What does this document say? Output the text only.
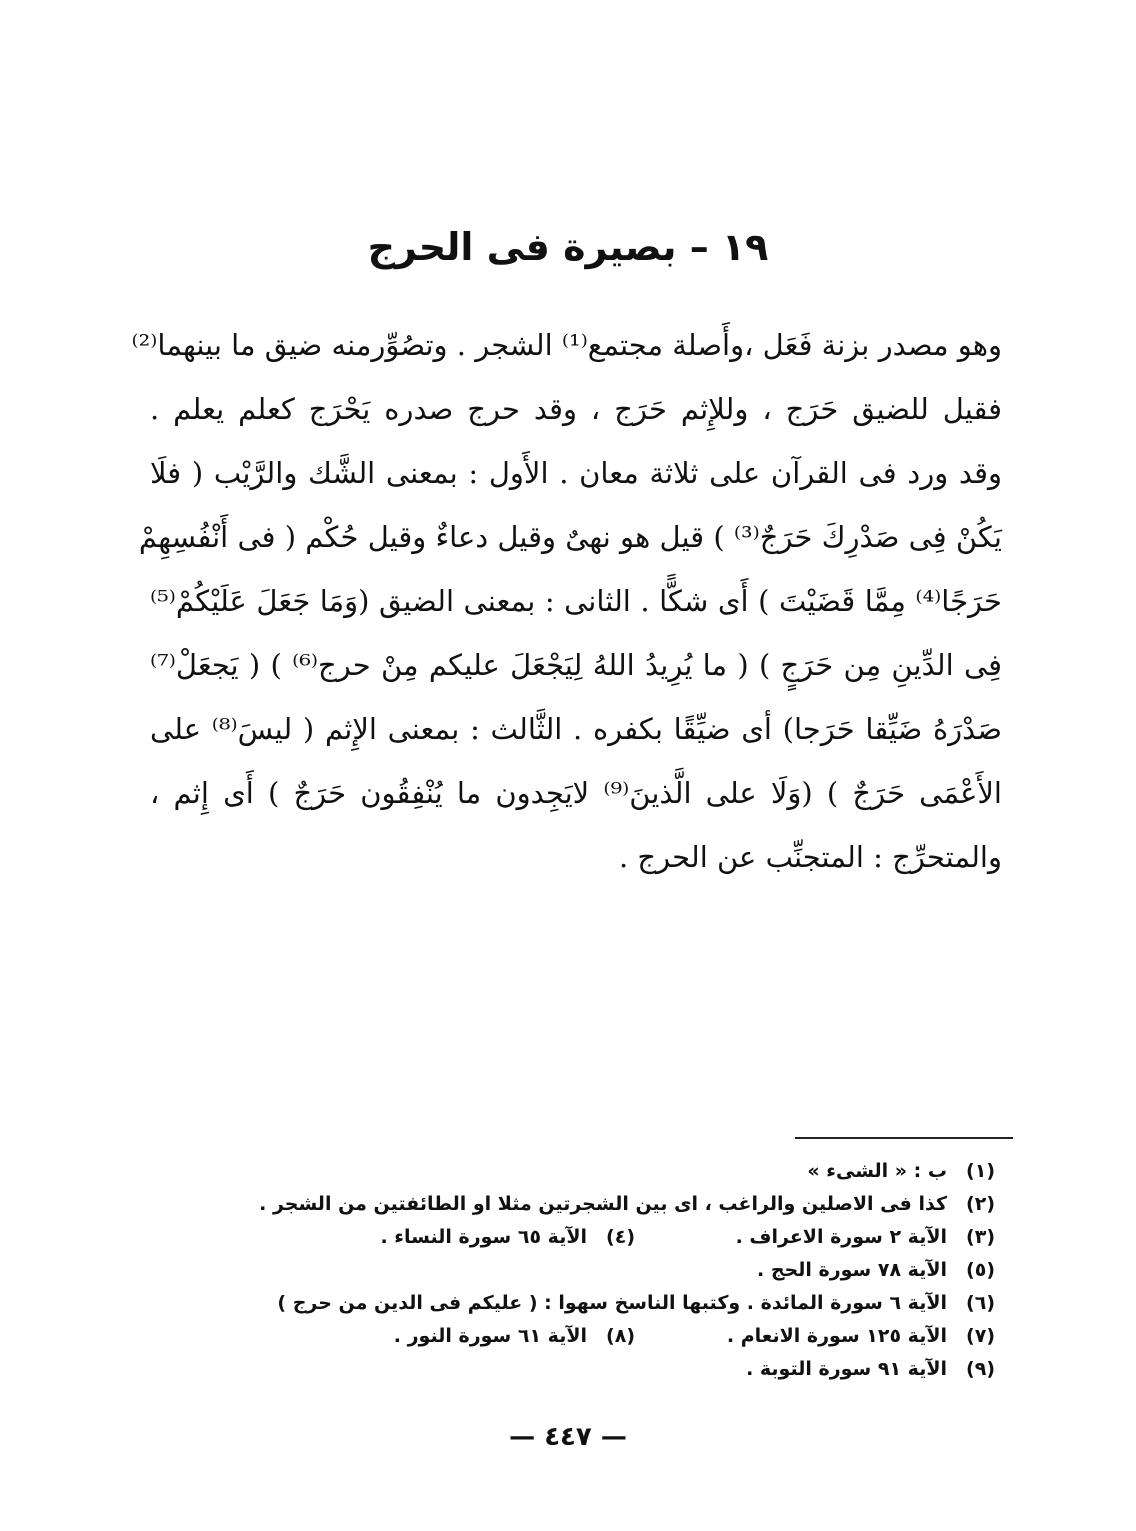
١٩ – بصيرة فى الحرج
وهو مصدر بزنة فَعَل ،وأَصلة مجتمع⁽¹⁾ الشجر . وتصُوِّرمنه ضيق ما بينهما⁽²⁾
فقيل للضيق حَرَج ، وللإِثم حَرَج ، وقد حرج صدره يَحْرَج كعلم يعلم .
وقد ورد فى القرآن على ثلاثة معان . الأَول : بمعنى الشَّك والرَّيْب ( فلَا
يَكُنْ فِى صَدْرِكَ حَرَجٌ⁽³⁾ ) قيل هو نهىٌ وقيل دعاءٌ وقيل حُكْم ( فى أَنْفُسِهِمْ
حَرَجًا⁽⁴⁾ مِمَّا قَضَيْتَ ) أَى شكًّا . الثانى : بمعنى الضيق (وَمَا جَعَلَ عَلَيْكُمْ⁽⁵⁾
فِى الدِّينِ مِن حَرَجٍ ) ( ما يُرِيدُ اللهُ لِيَجْعَلَ عليكم مِنْ حرج⁽⁶⁾ ) ( يَجعَلْ⁽⁷⁾
صَدْرَهُ ضَيِّقا حَرَجا) أى ضيِّقًا بكفره . الثَّالث : بمعنى الإِثم ( ليسَ⁽⁸⁾ على
الأَعْمَى حَرَجٌ ) (وَلَا على الَّذينَ⁽⁹⁾ لايَجِدون ما يُنْفِقُون حَرَجٌ ) أَى إِثم ،
والمتحرِّج : المتجنِّب عن الحرج .
(١)
ب : « الشىء »
(٢)
كذا فى الاصلين والراغب ، اى بين الشجرتين مثلا او الطائفتين من الشجر .
(٣)
الآية ٢ سورة الاعراف .
(٤)
الآية ٦٥ سورة النساء .
(٥)
الآية ٧٨ سورة الحج .
(٦)
الآية ٦ سورة المائدة . وكتبها الناسخ سهوا : ( عليكم فى الدين من حرج )
(٧)
الآية ١٢٥ سورة الانعام .
(٨)
الآية ٦١ سورة النور .
(٩)
الآية ٩١ سورة التوبة .
— ٤٤٧ —
